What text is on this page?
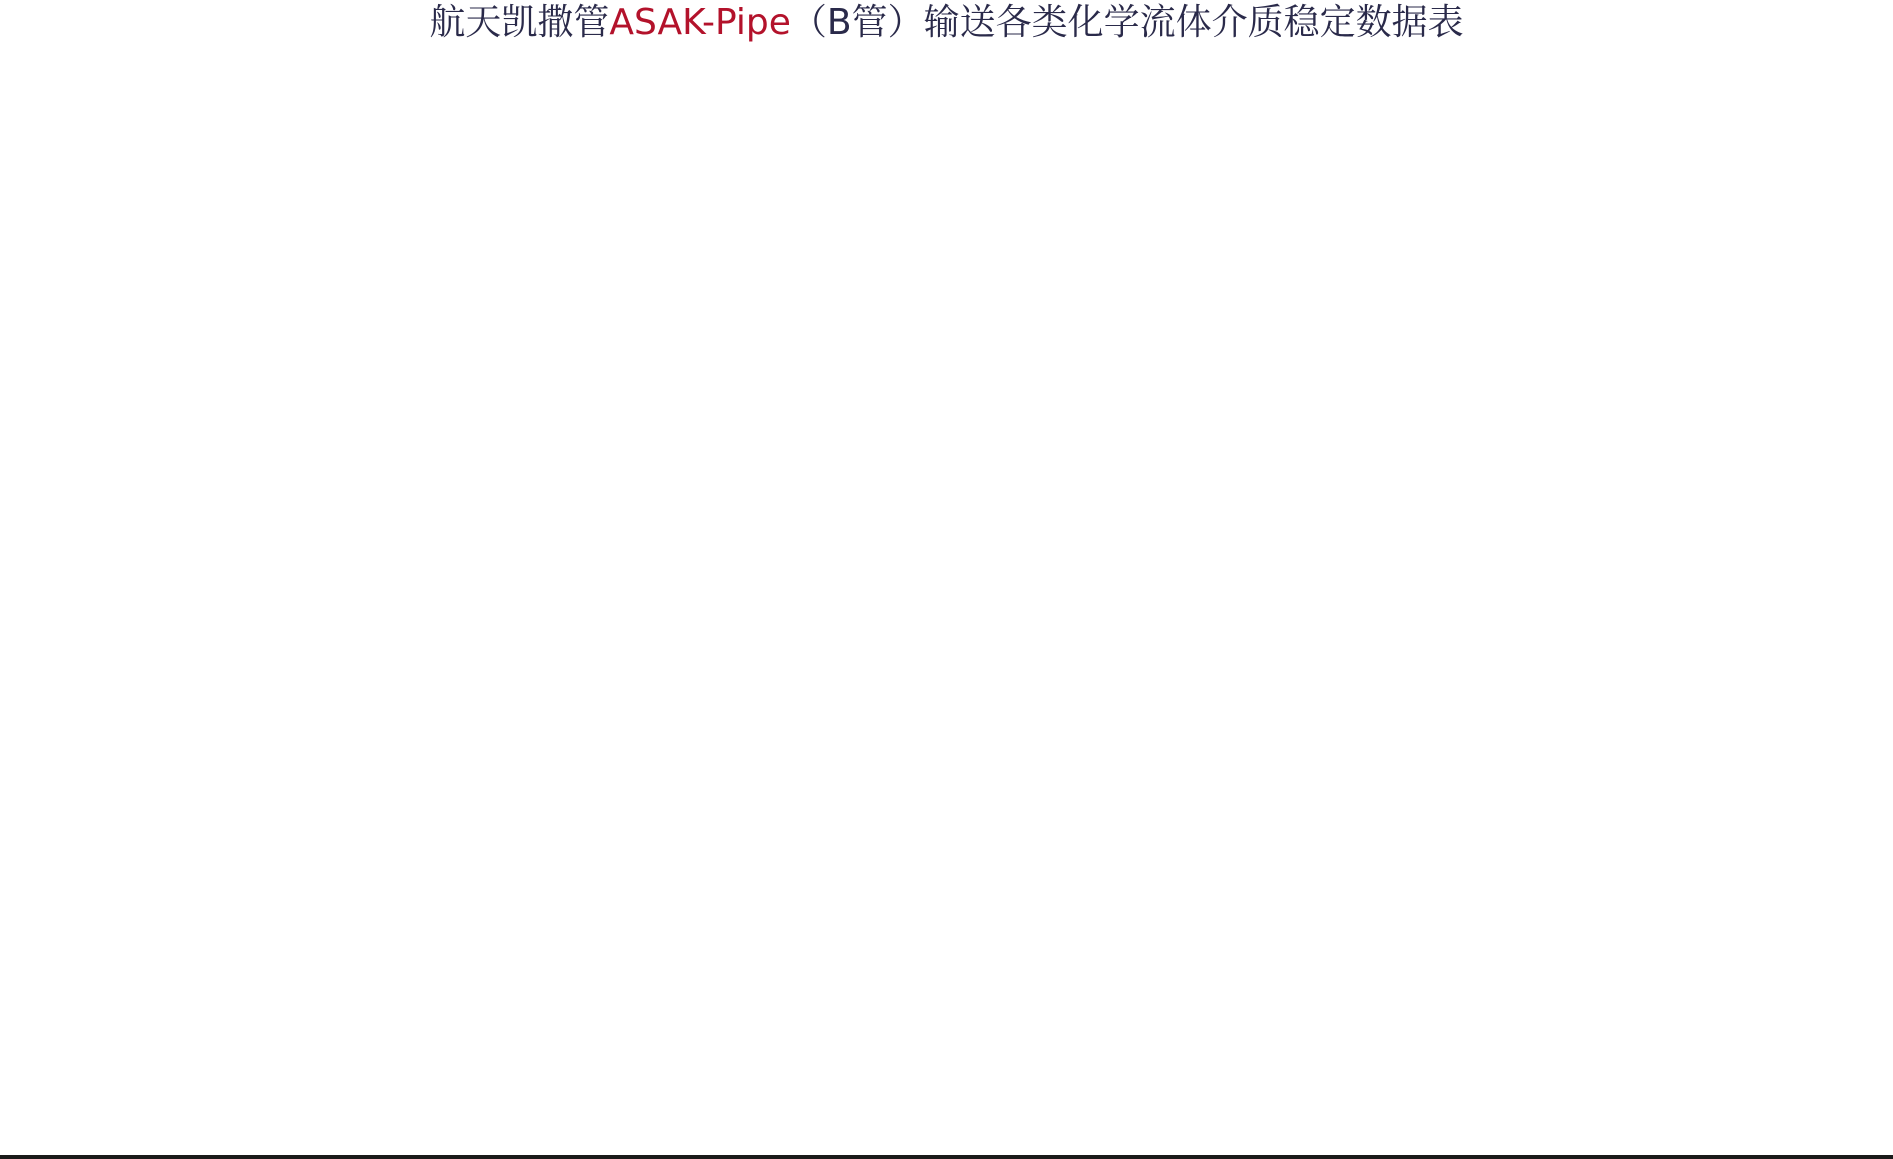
航天凯撒管ASAK-Pipe（B管）输送各类化学流体介质稳定数据表
